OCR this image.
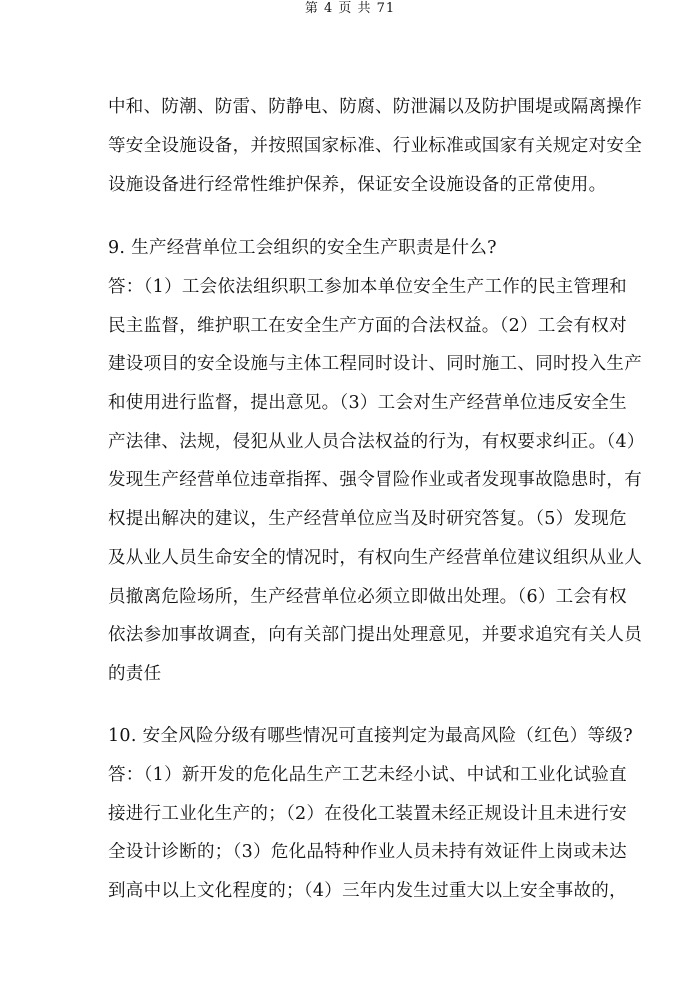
第 4 页 共 71
中和、防潮、防雷、防静电、防腐、防泄漏以及防护围堤或隔离操作
等安全设施设备，并按照国家标准、行业标准或国家有关规定对安全
设施设备进行经常性维护保养，保证安全设施设备的正常使用。
9. 生产经营单位工会组织的安全生产职责是什么?
答：（1）工会依法组织职工参加本单位安全生产工作的民主管理和
民主监督，维护职工在安全生产方面的合法权益。（2）工会有权对
建设项目的安全设施与主体工程同时设计、同时施工、同时投入生产
和使用进行监督，提出意见。（3）工会对生产经营单位违反安全生
产法律、法规，侵犯从业人员合法权益的行为，有权要求纠正。（4）
发现生产经营单位违章指挥、强令冒险作业或者发现事故隐患时，有
权提出解决的建议，生产经营单位应当及时研究答复。（5）发现危
及从业人员生命安全的情况时，有权向生产经营单位建议组织从业人
员撤离危险场所，生产经营单位必须立即做出处理。（6）工会有权
依法参加事故调查，向有关部门提出处理意见，并要求追究有关人员
的责任
10. 安全风险分级有哪些情况可直接判定为最高风险（红色）等级?
答：（1）新开发的危化品生产工艺未经小试、中试和工业化试验直
接进行工业化生产的；（2）在役化工装置未经正规设计且未进行安
全设计诊断的；（3）危化品特种作业人员未持有效证件上岗或未达
到高中以上文化程度的；（4）三年内发生过重大以上安全事故的，
